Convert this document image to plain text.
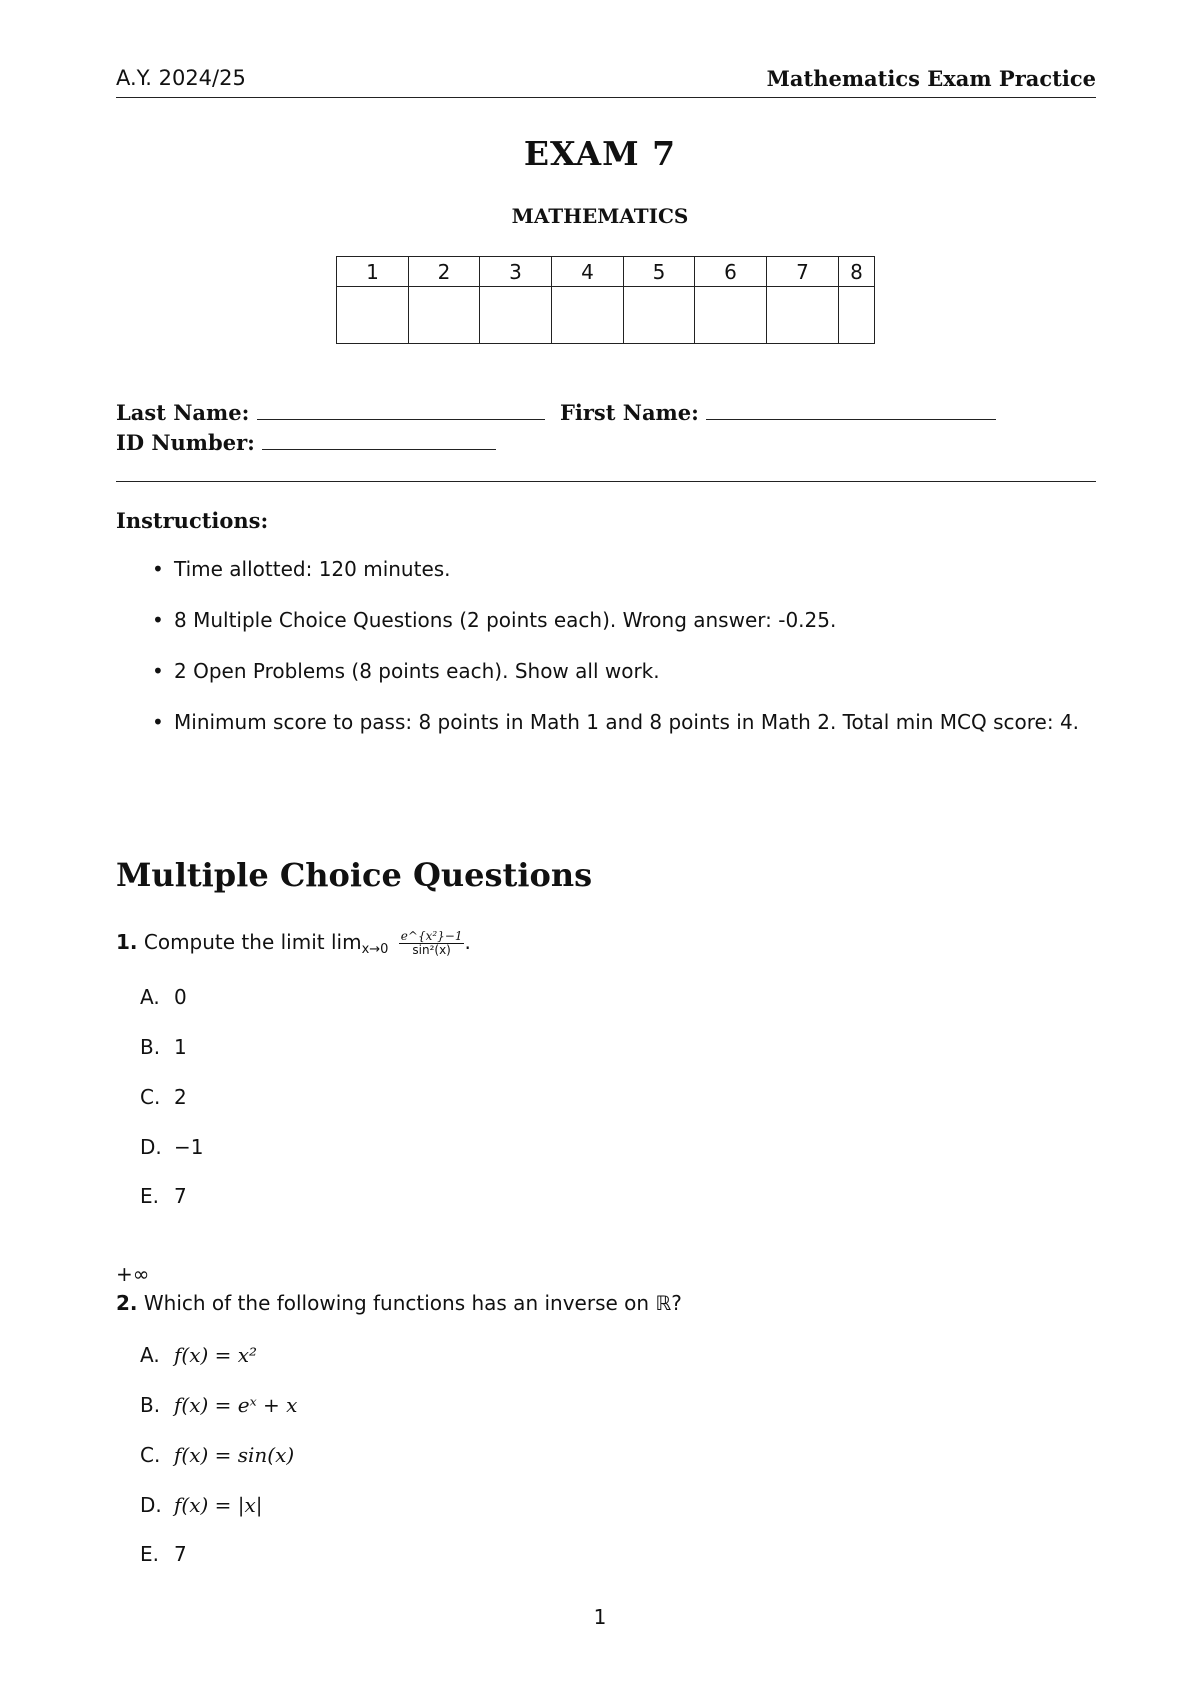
A.Y. 2024/25	Mathematics Exam Practice
EXAM 7
MATHEMATICS
1	2	3	4	5	6	7	8

Last Name:	First Name:
ID Number:
Instructions:
• Time allotted: 120 minutes.
• 8 Multiple Choice Questions (2 points each). Wrong answer: -0.25.
• 2 Open Problems (8 points each). Show all work.
• Minimum score to pass: 8 points in Math 1 and 8 points in Math 2. Total min MCQ score: 4.
Multiple Choice Questions
1. Compute the limit $\lim_{x\to 0} \frac{\text{e\textasciicircum{}\{x²\}−1}}{\text{sin²(x)}}$ .
A. 0
B. 1
C. 2
D. −1
E. 7
+∞
2. Which of the following functions has an inverse on ℝ?
A. f(x) = x²
B. f(x) = eˣ + x
C. f(x) = sin(x)
D. f(x) = |x|
E. 7
1
